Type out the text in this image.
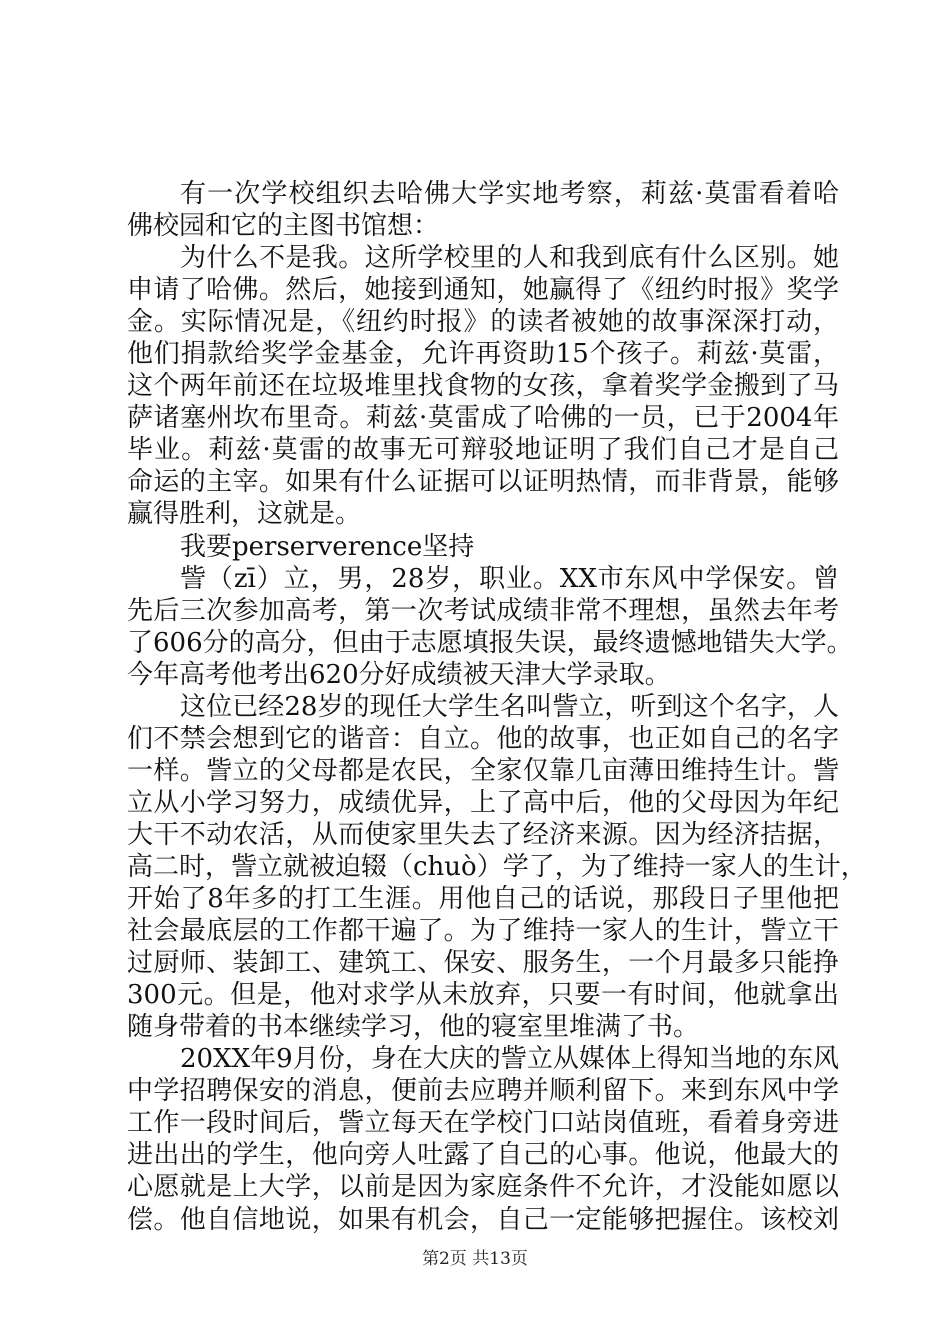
有一次学校组织去哈佛大学实地考察，莉兹·莫雷看着哈
佛校园和它的主图书馆想：
为什么不是我。这所学校里的人和我到底有什么区别。她
申请了哈佛。然后，她接到通知，她赢得了《纽约时报》奖学
金。实际情况是，《纽约时报》的读者被她的故事深深打动，
他们捐款给奖学金基金，允许再资助15个孩子。莉兹·莫雷，
这个两年前还在垃圾堆里找食物的女孩，拿着奖学金搬到了马
萨诸塞州坎布里奇。莉兹·莫雷成了哈佛的一员，已于2004年
毕业。莉兹·莫雷的故事无可辩驳地证明了我们自己才是自己
命运的主宰。如果有什么证据可以证明热情，而非背景，能够
赢得胜利，这就是。
我要perserverence坚持
訾（zī）立，男，28岁，职业。XX市东风中学保安。曾
先后三次参加高考，第一次考试成绩非常不理想，虽然去年考
了606分的高分，但由于志愿填报失误，最终遗憾地错失大学。
今年高考他考出620分好成绩被天津大学录取。
这位已经28岁的现任大学生名叫訾立，听到这个名字，人
们不禁会想到它的谐音：自立。他的故事，也正如自己的名字
一样。訾立的父母都是农民，全家仅靠几亩薄田维持生计。訾
立从小学习努力，成绩优异，上了高中后，他的父母因为年纪
大干不动农活，从而使家里失去了经济来源。因为经济拮据，
高二时，訾立就被迫辍（chuò）学了，为了维持一家人的生计，
开始了8年多的打工生涯。用他自己的话说，那段日子里他把
社会最底层的工作都干遍了。为了维持一家人的生计，訾立干
过厨师、装卸工、建筑工、保安、服务生，一个月最多只能挣
300元。但是，他对求学从未放弃，只要一有时间，他就拿出
随身带着的书本继续学习，他的寝室里堆满了书。
20XX年9月份，身在大庆的訾立从媒体上得知当地的东风
中学招聘保安的消息，便前去应聘并顺利留下。来到东风中学
工作一段时间后，訾立每天在学校门口站岗值班，看着身旁进
进出出的学生，他向旁人吐露了自己的心事。他说，他最大的
心愿就是上大学，以前是因为家庭条件不允许，才没能如愿以
偿。他自信地说，如果有机会，自己一定能够把握住。该校刘
第2页 共13页
